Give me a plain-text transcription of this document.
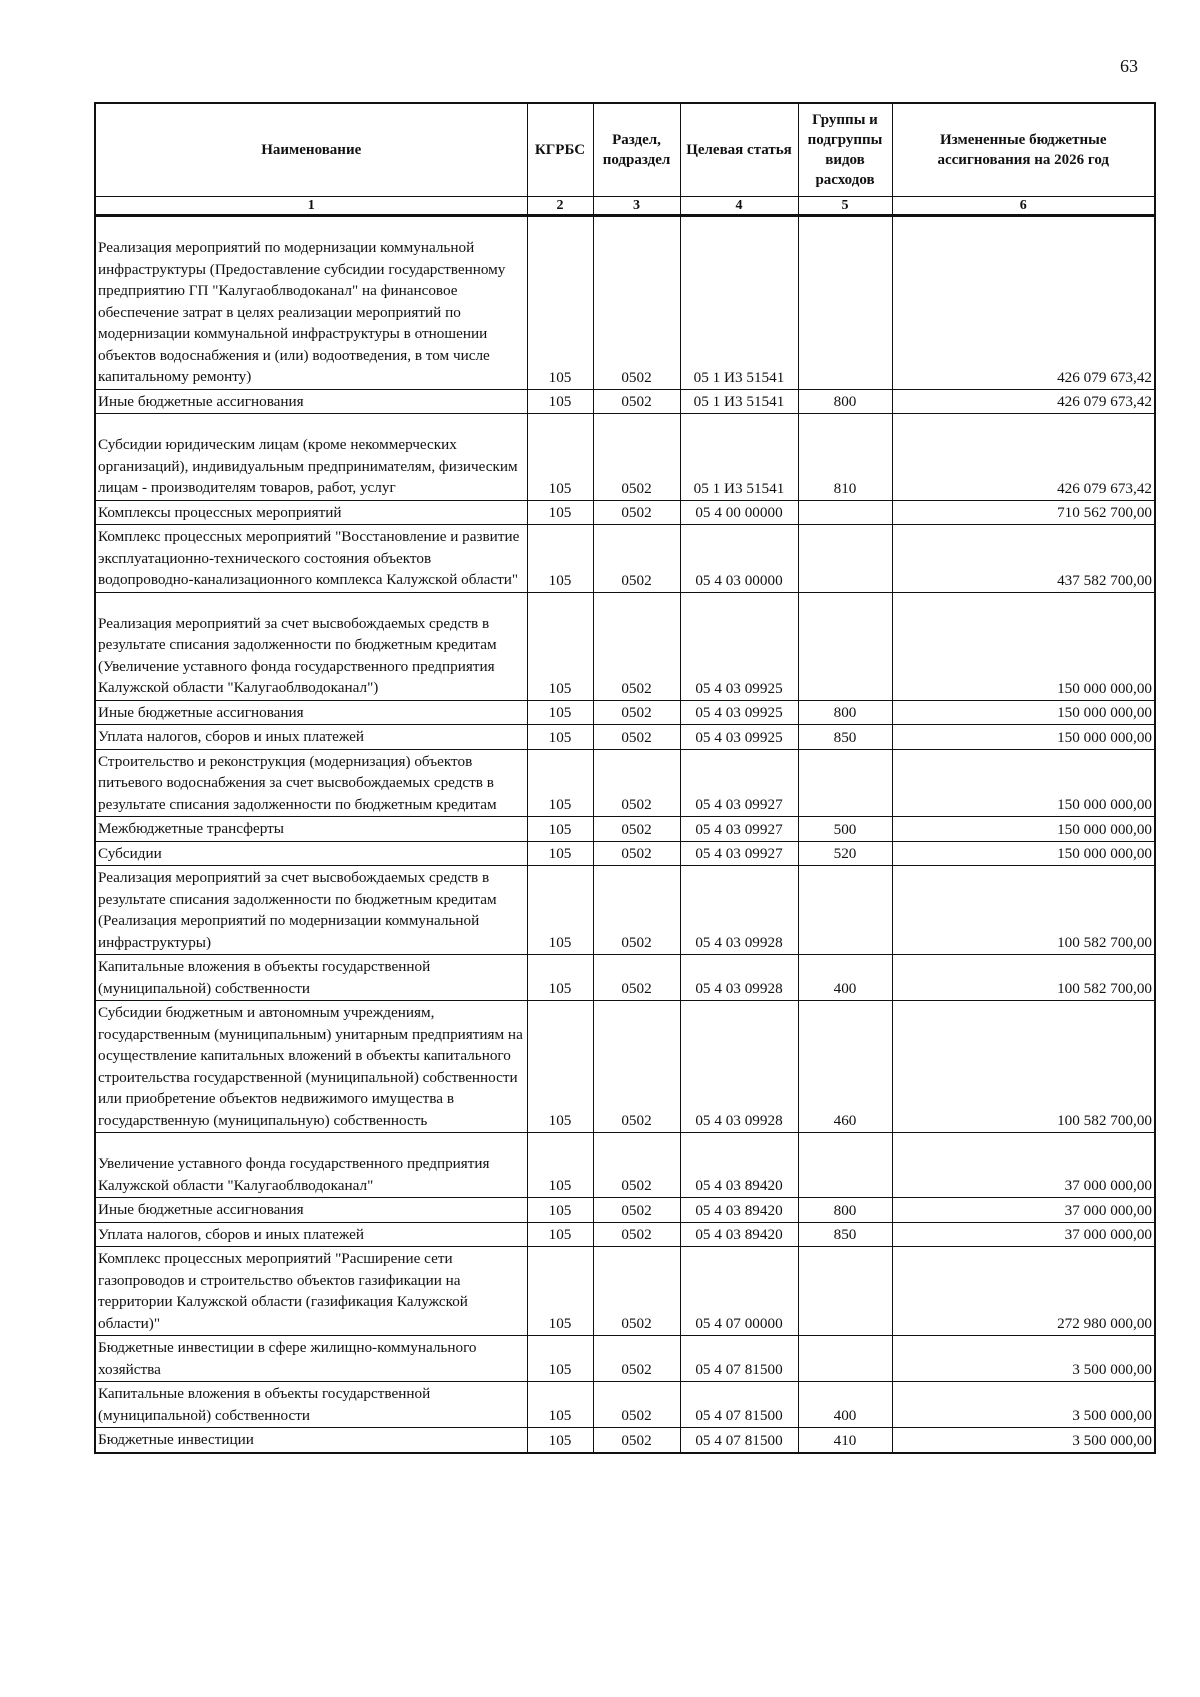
63
Наименование	КГРБС	Раздел, подраздел	Целевая статья	Группы и подгруппы видов расходов	Измененные бюджетные ассигнования на 2026 год
1	2	3	4	5	6
Реализация мероприятий по модернизации коммунальной инфраструктуры (Предоставление субсидии государственному предприятию ГП "Калугаоблводоканал" на финансовое обеспечение затрат в целях реализации мероприятий по модернизации коммунальной инфраструктуры в отношении объектов водоснабжения и (или) водоотведения, в том числе капитальному ремонту)	105	0502	05 1 И3 51541		426 079 673,42
Иные бюджетные ассигнования	105	0502	05 1 И3 51541	800	426 079 673,42
Субсидии юридическим лицам (кроме некоммерческих организаций), индивидуальным предпринимателям, физическим лицам - производителям товаров, работ, услуг	105	0502	05 1 И3 51541	810	426 079 673,42
Комплексы процессных мероприятий	105	0502	05 4 00 00000		710 562 700,00
Комплекс процессных мероприятий "Восстановление и развитие эксплуатационно-технического состояния объектов водопроводно-канализационного комплекса Калужской области"	105	0502	05 4 03 00000		437 582 700,00
Реализация мероприятий за счет высвобождаемых средств в результате списания задолженности по бюджетным кредитам (Увеличение уставного фонда государственного предприятия Калужской области "Калугаоблводоканал")	105	0502	05 4 03 09925		150 000 000,00
Иные бюджетные ассигнования	105	0502	05 4 03 09925	800	150 000 000,00
Уплата налогов, сборов и иных платежей	105	0502	05 4 03 09925	850	150 000 000,00
Строительство и реконструкция (модернизация) объектов питьевого водоснабжения за счет высвобождаемых средств в результате списания задолженности по бюджетным кредитам	105	0502	05 4 03 09927		150 000 000,00
Межбюджетные трансферты	105	0502	05 4 03 09927	500	150 000 000,00
Субсидии	105	0502	05 4 03 09927	520	150 000 000,00
Реализация мероприятий за счет высвобождаемых средств в результате списания задолженности по бюджетным кредитам (Реализация мероприятий по модернизации коммунальной инфраструктуры)	105	0502	05 4 03 09928		100 582 700,00
Капитальные вложения в объекты государственной (муниципальной) собственности	105	0502	05 4 03 09928	400	100 582 700,00
Субсидии бюджетным и автономным учреждениям, государственным (муниципальным) унитарным предприятиям на осуществление капитальных вложений в объекты капитального строительства государственной (муниципальной) собственности или приобретение объектов недвижимого имущества в государственную (муниципальную) собственность	105	0502	05 4 03 09928	460	100 582 700,00
Увеличение уставного фонда государственного предприятия Калужской области "Калугаоблводоканал"	105	0502	05 4 03 89420		37 000 000,00
Иные бюджетные ассигнования	105	0502	05 4 03 89420	800	37 000 000,00
Уплата налогов, сборов и иных платежей	105	0502	05 4 03 89420	850	37 000 000,00
Комплекс процессных мероприятий "Расширение сети газопроводов и строительство объектов газификации на территории Калужской области (газификация Калужской области)"	105	0502	05 4 07 00000		272 980 000,00
Бюджетные инвестиции в сфере жилищно-коммунального хозяйства	105	0502	05 4 07 81500		3 500 000,00
Капитальные вложения в объекты государственной (муниципальной) собственности	105	0502	05 4 07 81500	400	3 500 000,00
Бюджетные инвестиции	105	0502	05 4 07 81500	410	3 500 000,00
